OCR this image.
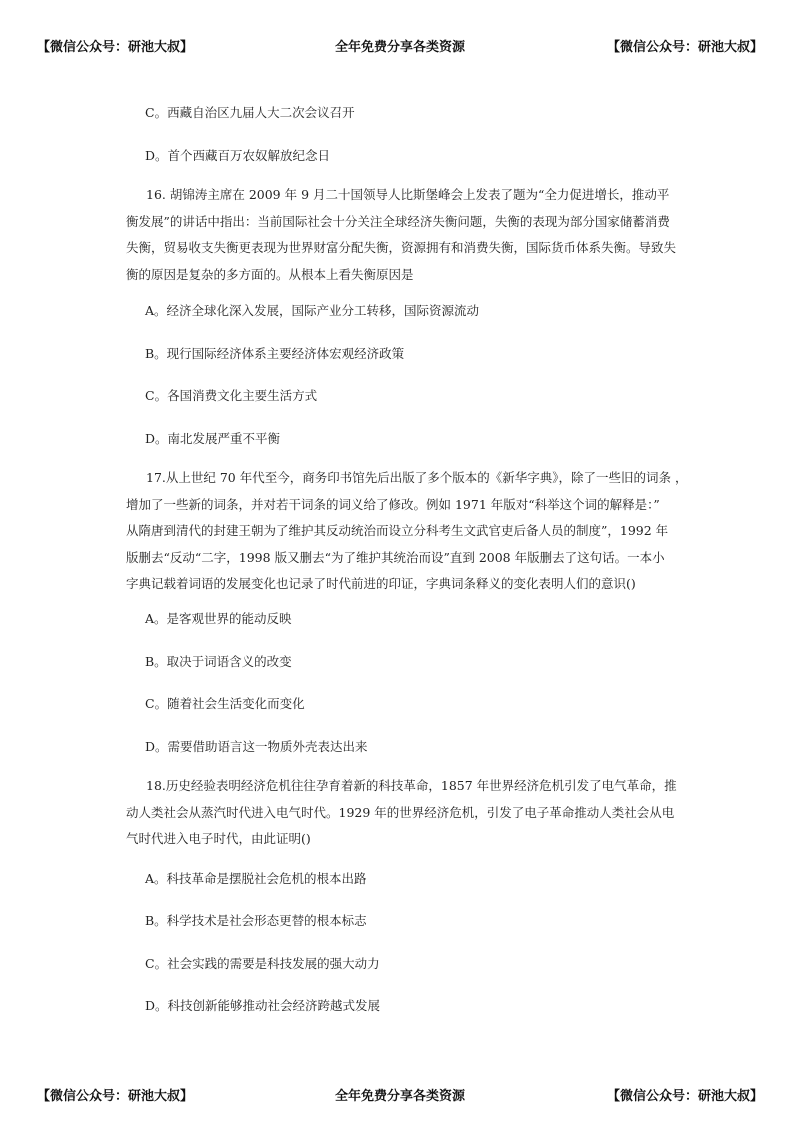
【微信公众号：研池大叔】	全年免费分享各类资源	【微信公众号：研池大叔】
C。西藏自治区九届人大二次会议召开
D。首个西藏百万农奴解放纪念日
16. 胡锦涛主席在 2009 年 9 月二十国领导人比斯堡峰会上发表了题为“全力促进增长，推动平
衡发展”的讲话中指出：当前国际社会十分关注全球经济失衡问题，失衡的表现为部分国家储蓄消费
失衡，贸易收支失衡更表现为世界财富分配失衡，资源拥有和消费失衡，国际货币体系失衡。导致失
衡的原因是复杂的多方面的。从根本上看失衡原因是
A。经济全球化深入发展，国际产业分工转移，国际资源流动
B。现行国际经济体系主要经济体宏观经济政策
C。各国消费文化主要生活方式
D。南北发展严重不平衡
17.从上世纪 70 年代至今，商务印书馆先后出版了多个版本的《新华字典》，除了一些旧的词条 ，
增加了一些新的词条，并对若干词条的词义给了修改。例如 1971 年版对“科举这个词的解释是：”
从隋唐到清代的封建王朝为了维护其反动统治而设立分科考生文武官吏后备人员的制度”，1992 年
版删去“反动“二字，1998 版又删去“为了维护其统治而设”直到 2008 年版删去了这句话。一本小
字典记载着词语的发展变化也记录了时代前进的印证，字典词条释义的变化表明人们的意识()
A。是客观世界的能动反映
B。取决于词语含义的改变
C。随着社会生活变化而变化
D。需要借助语言这一物质外壳表达出来
18.历史经验表明经济危机往往孕育着新的科技革命，1857 年世界经济危机引发了电气革命，推
动人类社会从蒸汽时代进入电气时代。1929 年的世界经济危机，引发了电子革命推动人类社会从电
气时代进入电子时代，由此证明()
A。科技革命是摆脱社会危机的根本出路
B。科学技术是社会形态更替的根本标志
C。社会实践的需要是科技发展的强大动力
D。科技创新能够推动社会经济跨越式发展
【微信公众号：研池大叔】	全年免费分享各类资源	【微信公众号：研池大叔】
